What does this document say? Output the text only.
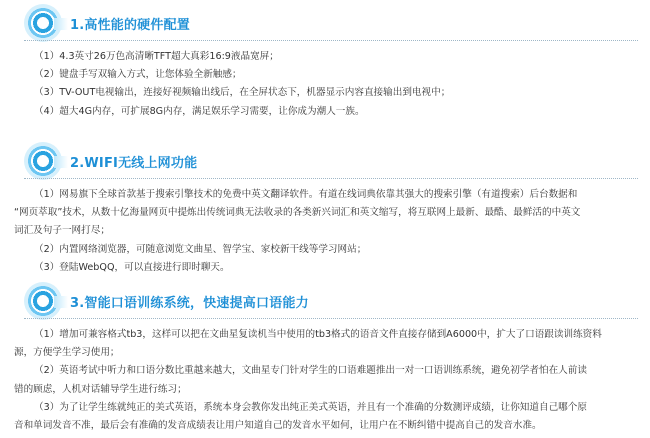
1.高性能的硬件配置
（1）4.3英寸26万色高清晰TFT超大真彩16:9液晶宽屏；
（2）键盘手写双输入方式，让您体验全新触感；
（3）TV-OUT电视输出，连接好视频输出线后，在全屏状态下，机器显示内容直接输出到电视中；
（4）超大4G内存，可扩展8G内存，满足娱乐学习需要，让你成为潮人一族。
2.WIFI无线上网功能
（1）网易旗下全球首款基于搜索引擎技术的免费中英文翻译软件。有道在线词典依靠其强大的搜索引擎（有道搜索）后台数据和
“网页萃取”技术，从数十亿海量网页中提炼出传统词典无法收录的各类新兴词汇和英文缩写，将互联网上最新、最酷、最鲜活的中英文
词汇及句子一网打尽；
（2）内置网络浏览器，可随意浏览文曲星、智学宝、家校新干线等学习网站；
（3）登陆WebQQ，可以直接进行即时聊天。
3.智能口语训练系统，快速提高口语能力
（1）增加可兼容格式tb3，这样可以把在文曲星复读机当中使用的tb3格式的语音文件直接存储到A6000中，扩大了口语跟读训练资料
源，方便学生学习使用；
（2）英语考试中听力和口语分数比重越来越大，文曲星专门针对学生的口语难题推出一对一口语训练系统，避免初学者怕在人前读
错的顾虑，人机对话辅导学生进行练习；
（3）为了让学生练就纯正的美式英语，系统本身会教你发出纯正美式英语，并且有一个准确的分数测评成绩，让你知道自己哪个原
音和单词发音不准，最后会有准确的发音成绩表让用户知道自己的发音水平如何，让用户在不断纠错中提高自己的发音水准。
